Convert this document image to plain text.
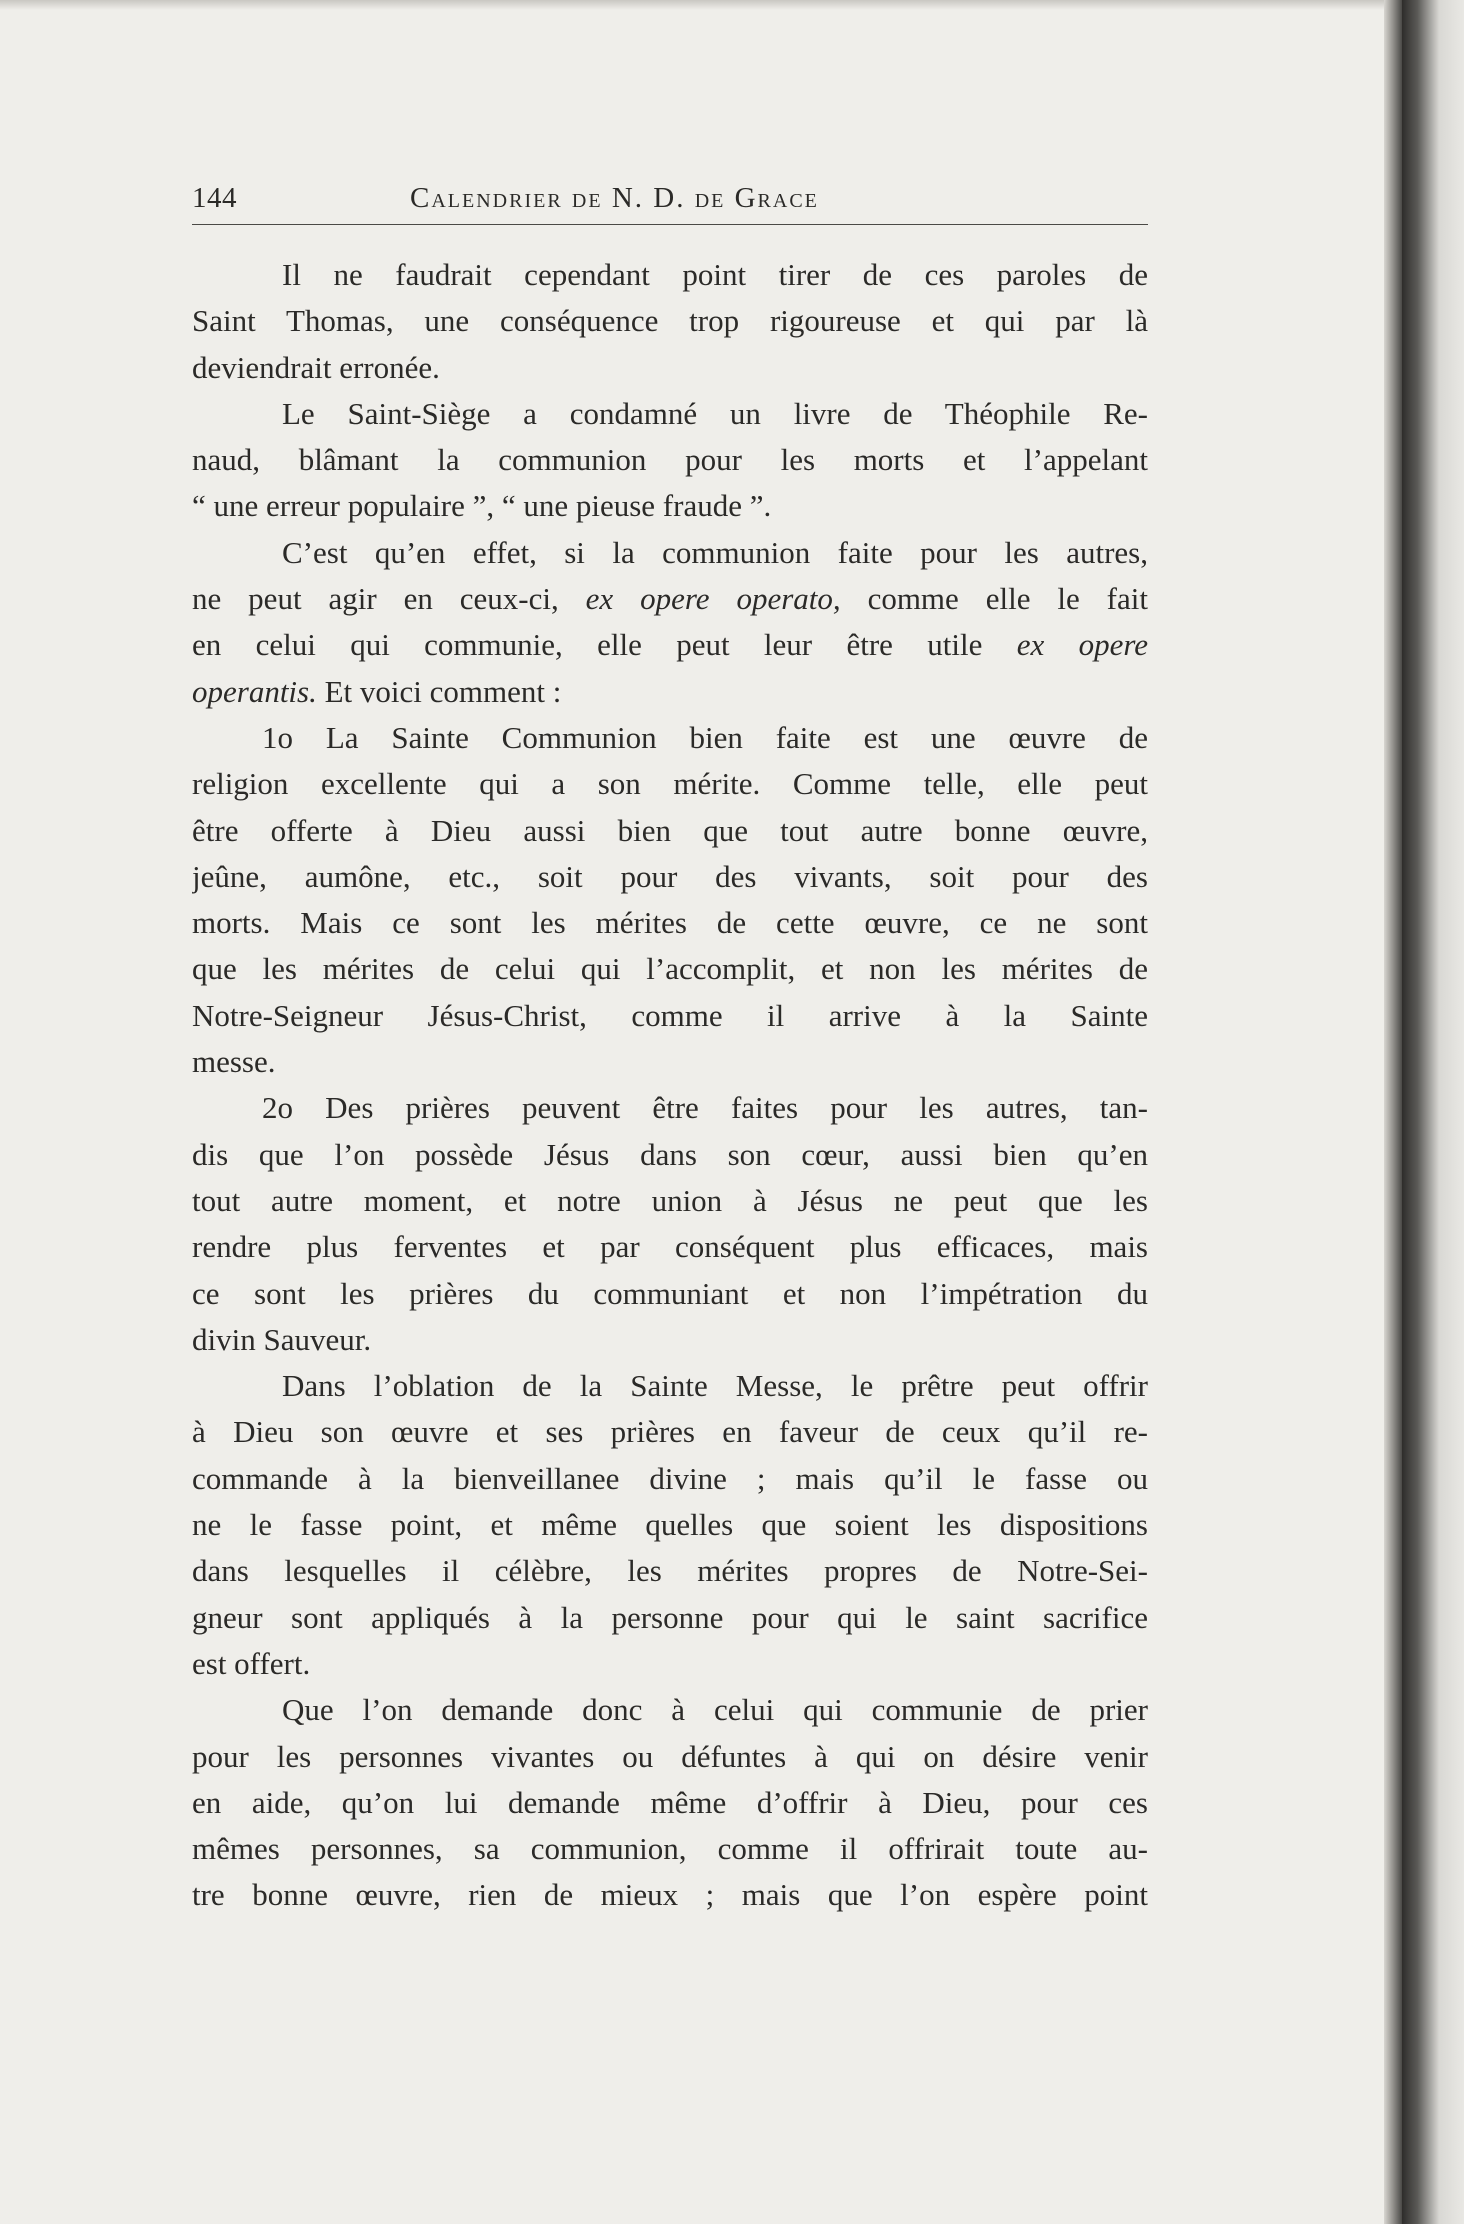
144	Calendrier de N. D. de Grace
Il ne faudrait cependant point tirer de ces paroles de
Saint Thomas, une conséquence trop rigoureuse et qui par là
deviendrait erronée.
Le Saint-Siège a condamné un livre de Théophile Re-
naud, blâmant la communion pour les morts et l’appelant
“ une erreur populaire ”, “ une pieuse fraude ”.
C’est qu’en effet, si la communion faite pour les autres,
ne peut agir en ceux-ci, ex opere operato, comme elle le fait
en celui qui communie, elle peut leur être utile ex opere
operantis. Et voici comment :
1o La Sainte Communion bien faite est une œuvre de
religion excellente qui a son mérite. Comme telle, elle peut
être offerte à Dieu aussi bien que tout autre bonne œuvre,
jeûne, aumône, etc., soit pour des vivants, soit pour des
morts. Mais ce sont les mérites de cette œuvre, ce ne sont
que les mérites de celui qui l’accomplit, et non les mérites de
Notre-Seigneur Jésus-Christ, comme il arrive à la Sainte
messe.
2o Des prières peuvent être faites pour les autres, tan-
dis que l’on possède Jésus dans son cœur, aussi bien qu’en
tout autre moment, et notre union à Jésus ne peut que les
rendre plus ferventes et par conséquent plus efficaces, mais
ce sont les prières du communiant et non l’impétration du
divin Sauveur.
Dans l’oblation de la Sainte Messe, le prêtre peut offrir
à Dieu son œuvre et ses prières en faveur de ceux qu’il re-
commande à la bienveillanee divine ; mais qu’il le fasse ou
ne le fasse point, et même quelles que soient les dispositions
dans lesquelles il célèbre, les mérites propres de Notre-Sei-
gneur sont appliqués à la personne pour qui le saint sacrifice
est offert.
Que l’on demande donc à celui qui communie de prier
pour les personnes vivantes ou défuntes à qui on désire venir
en aide, qu’on lui demande même d’offrir à Dieu, pour ces
mêmes personnes, sa communion, comme il offrirait toute au-
tre bonne œuvre, rien de mieux ; mais que l’on espère point
